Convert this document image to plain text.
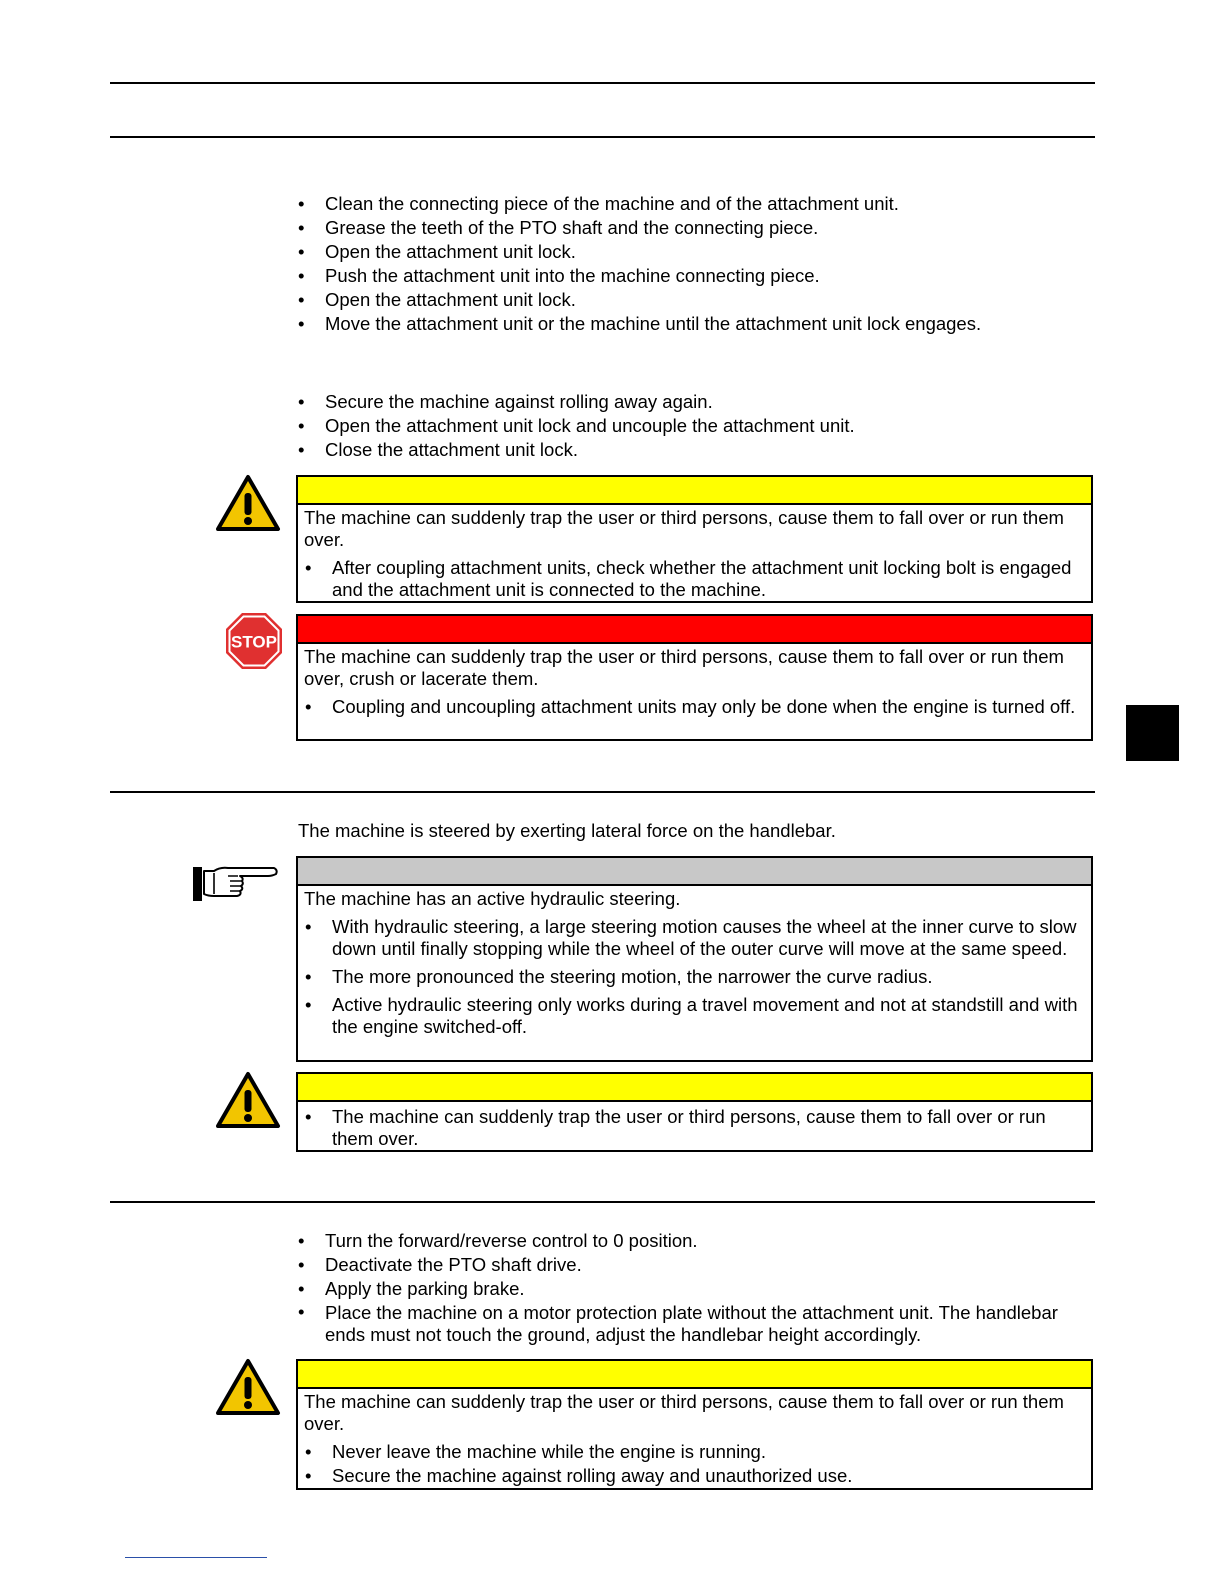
• Clean the connecting piece of the machine and of the attachment unit.
• Grease the teeth of the PTO shaft and the connecting piece.
• Open the attachment unit lock.
• Push the attachment unit into the machine connecting piece.
• Open the attachment unit lock.
• Move the attachment unit or the machine until the attachment unit lock engages.
• Secure the machine against rolling away again.
• Open the attachment unit lock and uncouple the attachment unit.
• Close the attachment unit lock.

The machine can suddenly trap the user or third persons, cause them to fall over or run them over.

• After coupling attachment units, check whether the attachment unit locking bolt is engaged and the attachment unit is connected to the machine.
STOP

The machine can suddenly trap the user or third persons, cause them to fall over or run them over, crush or lacerate them.

• Coupling and uncoupling attachment units may only be done when the engine is turned off.

The machine is steered by exerting lateral force on the handlebar.

The machine has an active hydraulic steering.

• With hydraulic steering, a large steering motion causes the wheel at the inner curve to slow down until finally stopping while the wheel of the outer curve will move at the same speed.
• The more pronounced the steering motion, the narrower the curve radius.
• Active hydraulic steering only works during a travel movement and not at standstill and with the engine switched-off.
• The machine can suddenly trap the user or third persons, cause them to fall over or run them over.
• Turn the forward/reverse control to 0 position.
• Deactivate the PTO shaft drive.
• Apply the parking brake.
• Place the machine on a motor protection plate without the attachment unit. The handlebar ends must not touch the ground, adjust the handlebar height accordingly.

The machine can suddenly trap the user or third persons, cause them to fall over or run them over.

• Never leave the machine while the engine is running.
• Secure the machine against rolling away and unauthorized use.
